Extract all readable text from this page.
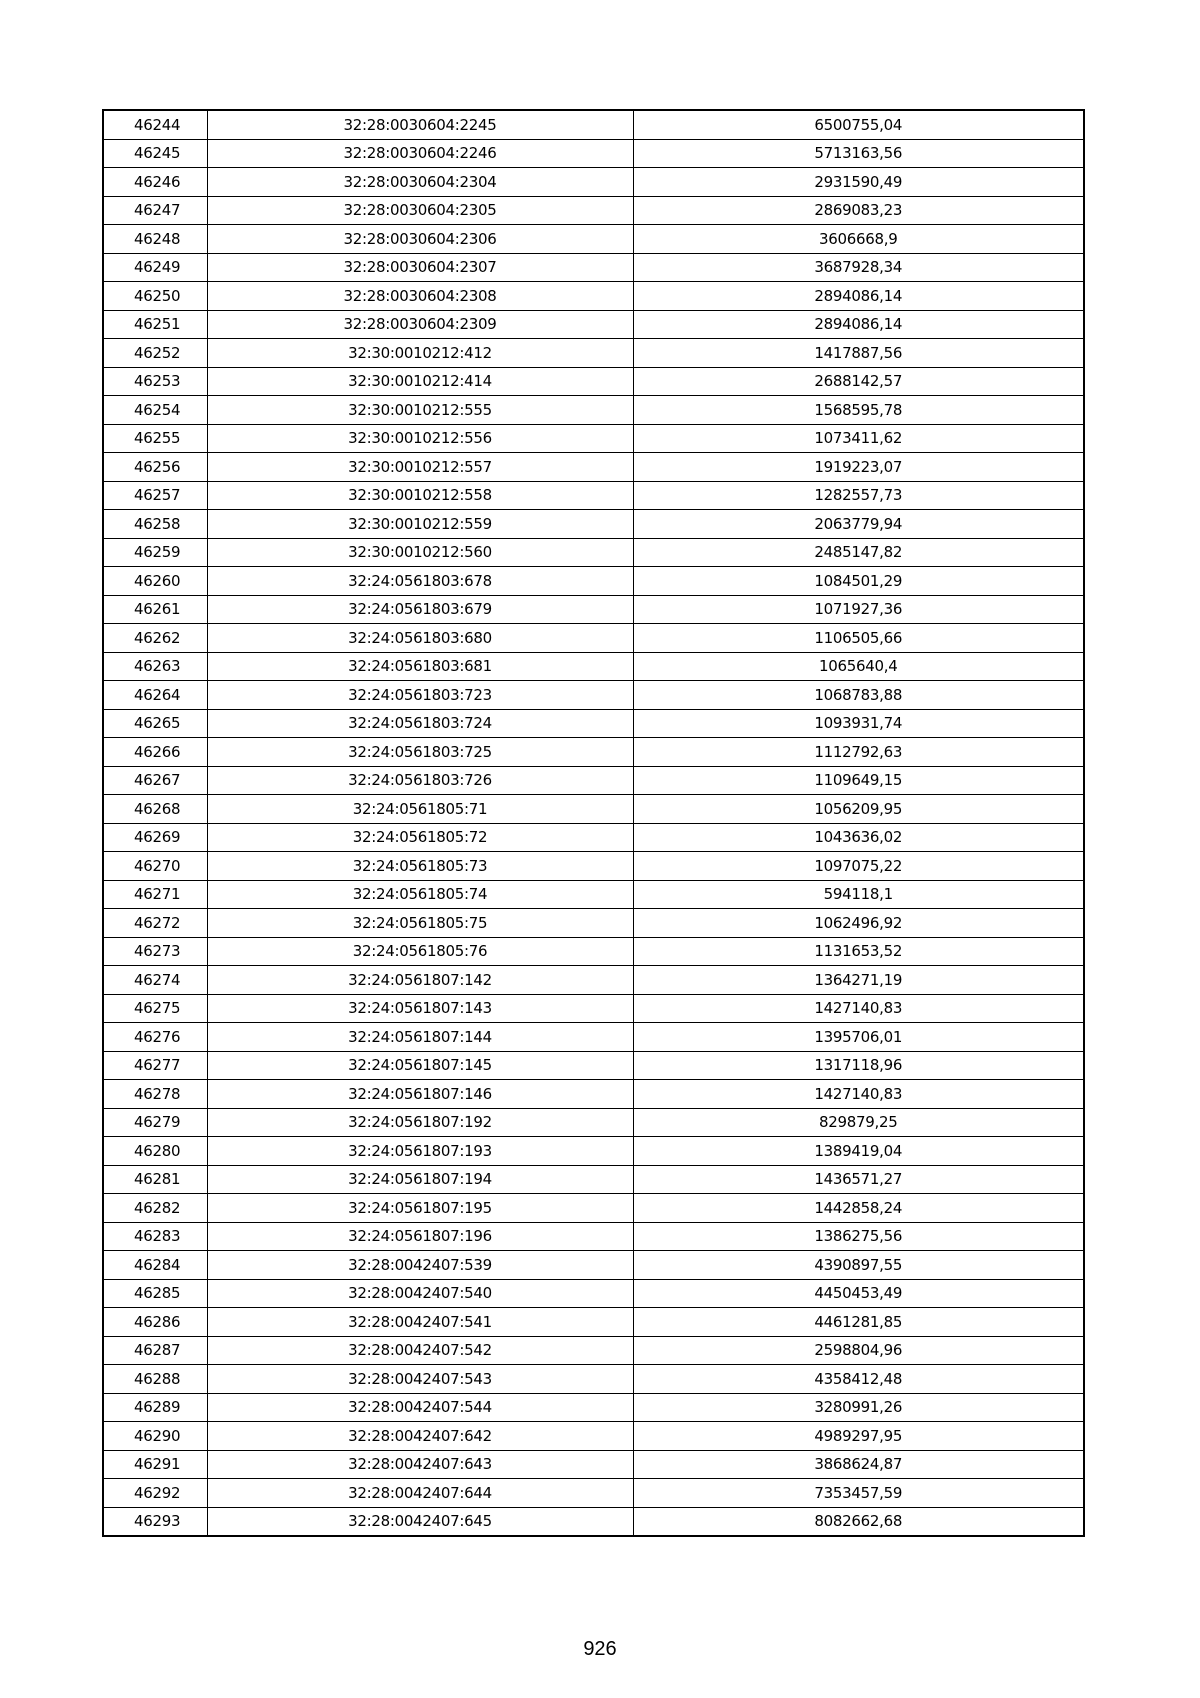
46244	32:28:0030604:2245	6500755,04
46245	32:28:0030604:2246	5713163,56
46246	32:28:0030604:2304	2931590,49
46247	32:28:0030604:2305	2869083,23
46248	32:28:0030604:2306	3606668,9
46249	32:28:0030604:2307	3687928,34
46250	32:28:0030604:2308	2894086,14
46251	32:28:0030604:2309	2894086,14
46252	32:30:0010212:412	1417887,56
46253	32:30:0010212:414	2688142,57
46254	32:30:0010212:555	1568595,78
46255	32:30:0010212:556	1073411,62
46256	32:30:0010212:557	1919223,07
46257	32:30:0010212:558	1282557,73
46258	32:30:0010212:559	2063779,94
46259	32:30:0010212:560	2485147,82
46260	32:24:0561803:678	1084501,29
46261	32:24:0561803:679	1071927,36
46262	32:24:0561803:680	1106505,66
46263	32:24:0561803:681	1065640,4
46264	32:24:0561803:723	1068783,88
46265	32:24:0561803:724	1093931,74
46266	32:24:0561803:725	1112792,63
46267	32:24:0561803:726	1109649,15
46268	32:24:0561805:71	1056209,95
46269	32:24:0561805:72	1043636,02
46270	32:24:0561805:73	1097075,22
46271	32:24:0561805:74	594118,1
46272	32:24:0561805:75	1062496,92
46273	32:24:0561805:76	1131653,52
46274	32:24:0561807:142	1364271,19
46275	32:24:0561807:143	1427140,83
46276	32:24:0561807:144	1395706,01
46277	32:24:0561807:145	1317118,96
46278	32:24:0561807:146	1427140,83
46279	32:24:0561807:192	829879,25
46280	32:24:0561807:193	1389419,04
46281	32:24:0561807:194	1436571,27
46282	32:24:0561807:195	1442858,24
46283	32:24:0561807:196	1386275,56
46284	32:28:0042407:539	4390897,55
46285	32:28:0042407:540	4450453,49
46286	32:28:0042407:541	4461281,85
46287	32:28:0042407:542	2598804,96
46288	32:28:0042407:543	4358412,48
46289	32:28:0042407:544	3280991,26
46290	32:28:0042407:642	4989297,95
46291	32:28:0042407:643	3868624,87
46292	32:28:0042407:644	7353457,59
46293	32:28:0042407:645	8082662,68
926
